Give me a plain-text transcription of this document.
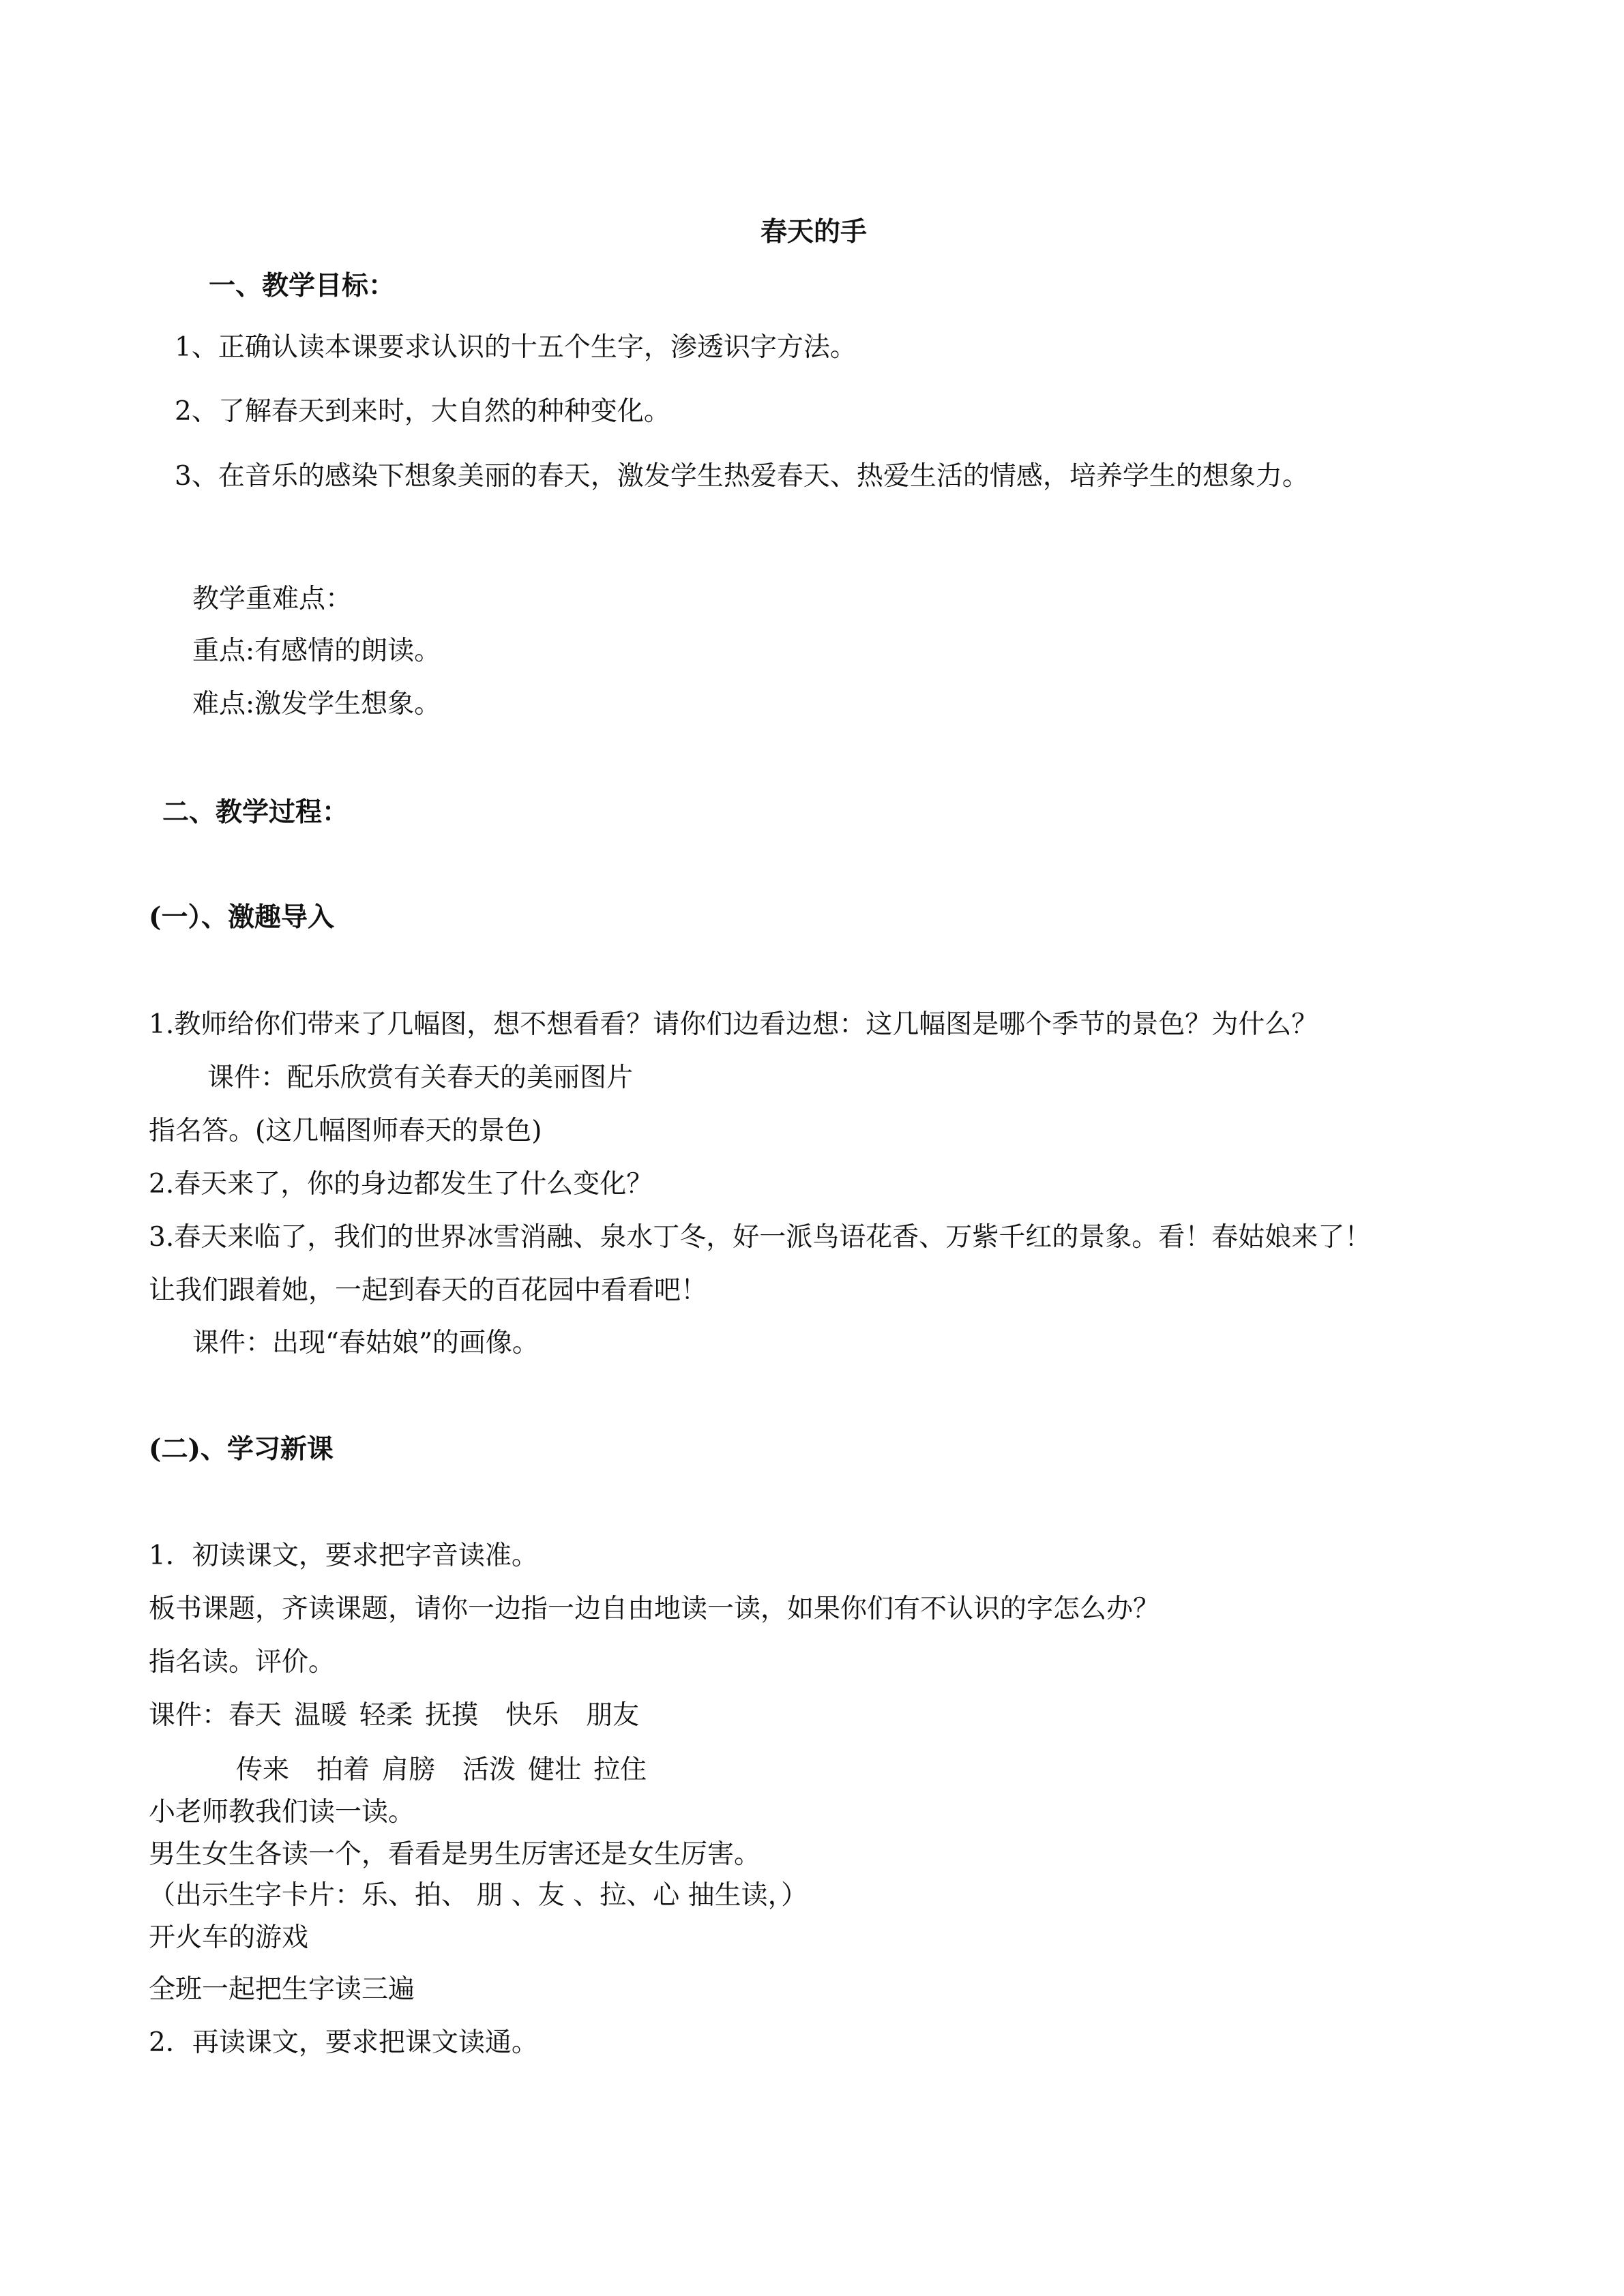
春天的手
一、教学目标：
1、正确认读本课要求认识的十五个生字，渗透识字方法。
2、了解春天到来时，大自然的种种变化。
3、在音乐的感染下想象美丽的春天，激发学生热爱春天、热爱生活的情感，培养学生的想象力。
教学重难点：
重点:有感情的朗读。
难点:激发学生想象。
二、教学过程：
(一）、激趣导入
1.教师给你们带来了几幅图，想不想看看？请你们边看边想：这几幅图是哪个季节的景色？为什么？
课件：配乐欣赏有关春天的美丽图片
指名答。(这几幅图师春天的景色)
2.春天来了，你的身边都发生了什么变化？
3.春天来临了，我们的世界冰雪消融、泉水丁冬，好一派鸟语花香、万紫千红的景象。看！春姑娘来了！
让我们跟着她，一起到春天的百花园中看看吧！
课件：出现“春姑娘”的画像。
(二)、学习新课
1．初读课文，要求把字音读准。
板书课题，齐读课题，请你一边指一边自由地读一读，如果你们有不认识的字怎么办？
指名读。评价。
课件：春天 温暖 轻柔 抚摸 快乐 朋友
传来 拍着 肩膀 活泼 健壮 拉住
小老师教我们读一读。
男生女生各读一个，看看是男生厉害还是女生厉害。
（出示生字卡片：乐、拍、 朋 、友 、拉、心 抽生读，）
开火车的游戏
全班一起把生字读三遍
2．再读课文，要求把课文读通。
